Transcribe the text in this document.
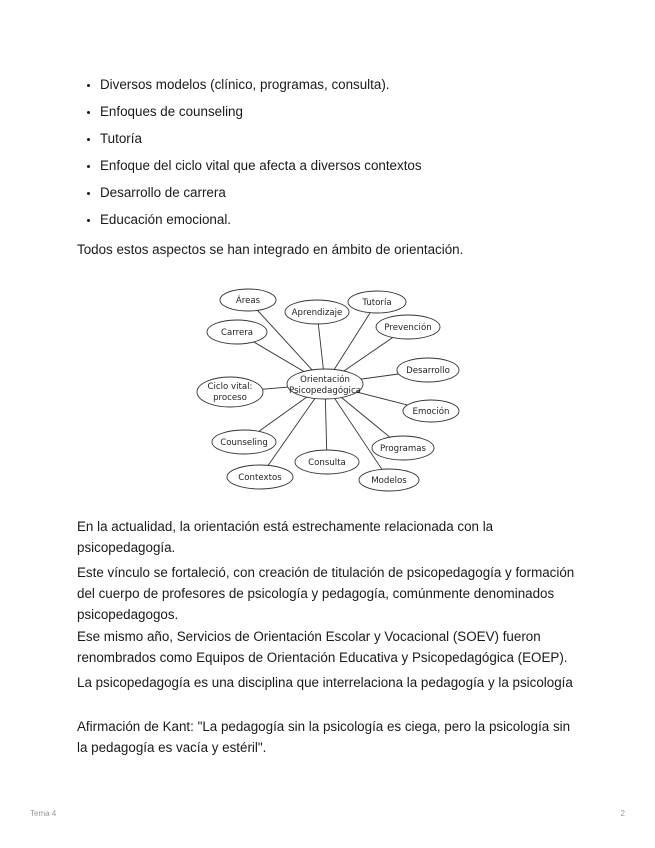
• Diversos modelos (clínico, programas, consulta).
• Enfoques de counseling
• Tutoría
• Enfoque del ciclo vital que afecta a diversos contextos
• Desarrollo de carrera
• Educación emocional.

Todos estos aspectos se han integrado en ámbito de orientación.

Orientación
Psicopedagógica
Áreas
Aprendizaje
Tutoría
Carrera	Prevención
Desarrollo
Ciclo vital:
proceso
Emoción
Counseling
Programas
Consulta
Contextos	Modelos

En la actualidad, la orientación está estrechamente relacionada con la psicopedagogía.

Este vínculo se fortaleció, con creación de titulación de psicopedagogía y formación del cuerpo de profesores de psicología y pedagogía, comúnmente denominados psicopedagogos.

Ese mismo año, Servicios de Orientación Escolar y Vocacional (SOEV) fueron renombrados como Equipos de Orientación Educativa y Psicopedagógica (EOEP).

La psicopedagogía es una disciplina que interrelaciona la pedagogía y la psicología

Afirmación de Kant: "La pedagogía sin la psicología es ciega, pero la psicología sin la pedagogía es vacía y estéril".

Tema 4	2
